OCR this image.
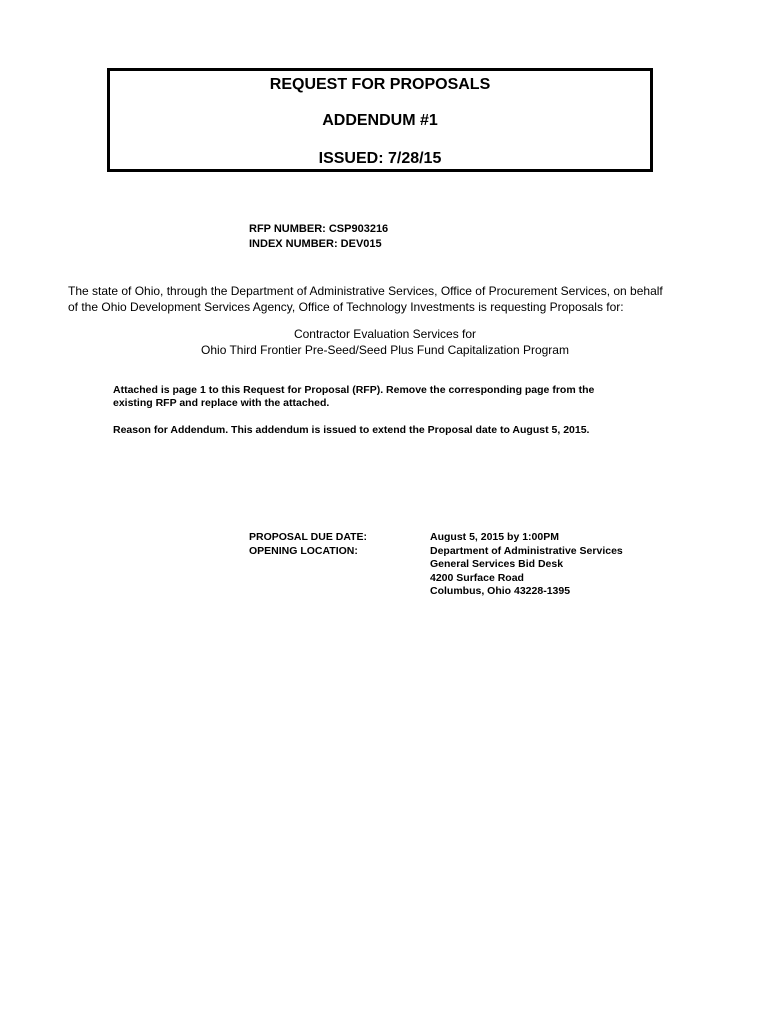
REQUEST FOR PROPOSALS
ADDENDUM #1
ISSUED: 7/28/15
RFP NUMBER: CSP903216
INDEX NUMBER: DEV015
The state of Ohio, through the Department of Administrative Services, Office of Procurement Services, on behalf
of the Ohio Development Services Agency, Office of Technology Investments is requesting Proposals for:
Contractor Evaluation Services for
Ohio Third Frontier Pre-Seed/Seed Plus Fund Capitalization Program
Attached is page 1 to this Request for Proposal (RFP). Remove the corresponding page from the
existing RFP and replace with the attached.
Reason for Addendum. This addendum is issued to extend the Proposal date to August 5, 2015.
PROPOSAL DUE DATE:
OPENING LOCATION:
August 5, 2015 by 1:00PM
Department of Administrative Services
General Services Bid Desk
4200 Surface Road
Columbus, Ohio 43228-1395
